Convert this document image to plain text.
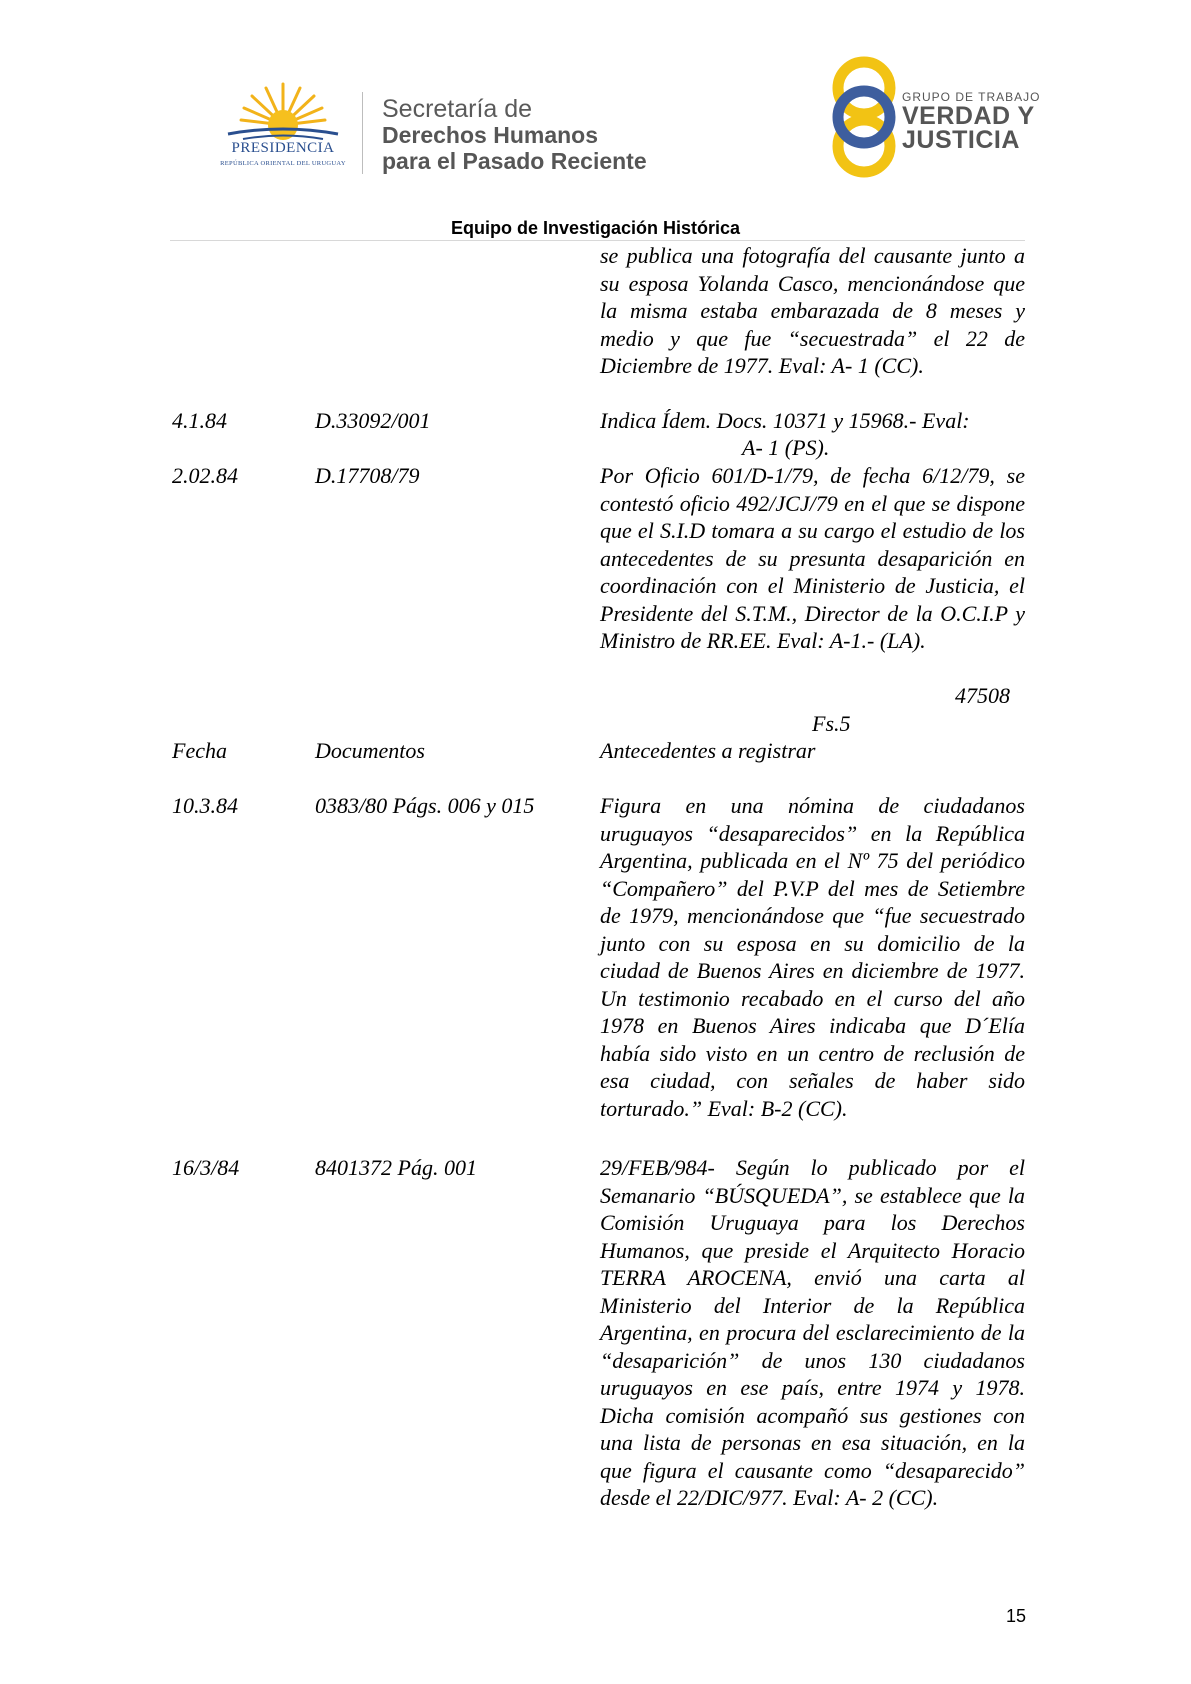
PRESIDENCIA
REPÚBLICA ORIENTAL DEL URUGUAY
Secretaría de
Derechos Humanos
para el Pasado Reciente
GRUPO DE TRABAJO
VERDAD Y
JUSTICIA
Equipo de Investigación Histórica
se publica una fotografía del causante junto a su esposa Yolanda Casco, mencionándose que la misma estaba embarazada de 8 meses y medio y que fue “secuestrada” el 22 de Diciembre de 1977. Eval: A- 1 (CC).
4.1.84	D.33092/001	Indica Ídem. Docs. 10371 y 15968.- Eval:
A- 1 (PS).
2.02.84	D.17708/79	Por Oficio 601/D-1/79, de fecha 6/12/79, se contestó oficio 492/JCJ/79 en el que se dispone que el S.I.D tomara a su cargo el estudio de los antecedentes de su presunta desaparición en coordinación con el Ministerio de Justicia, el Presidente del S.T.M., Director de la O.C.I.P y Ministro de RR.EE. Eval: A-1.- (LA).
47508
Fs.5
Fecha	Documentos	Antecedentes a registrar
10.3.84	0383/80 Págs. 006 y 015	Figura en una nómina de ciudadanos uruguayos “desaparecidos” en la República Argentina, publicada en el Nº 75 del periódico “Compañero” del P.V.P del mes de Setiembre de 1979, mencionándose que “fue secuestrado junto con su esposa en su domicilio de la ciudad de Buenos Aires en diciembre de 1977. Un testimonio recabado en el curso del año 1978 en Buenos Aires indicaba que D´Elía había sido visto en un centro de reclusión de esa ciudad, con señales de haber sido torturado.” Eval: B-2 (CC).
16/3/84	8401372 Pág. 001	29/FEB/984- Según lo publicado por el Semanario “BÚSQUEDA”, se establece que la Comisión Uruguaya para los Derechos Humanos, que preside el Arquitecto Horacio TERRA AROCENA, envió una carta al Ministerio del Interior de la República Argentina, en procura del esclarecimiento de la “desaparición” de unos 130 ciudadanos uruguayos en ese país, entre 1974 y 1978. Dicha comisión acompañó sus gestiones con una lista de personas en esa situación, en la que figura el causante como “desaparecido” desde el 22/DIC/977. Eval: A- 2 (CC).
15
